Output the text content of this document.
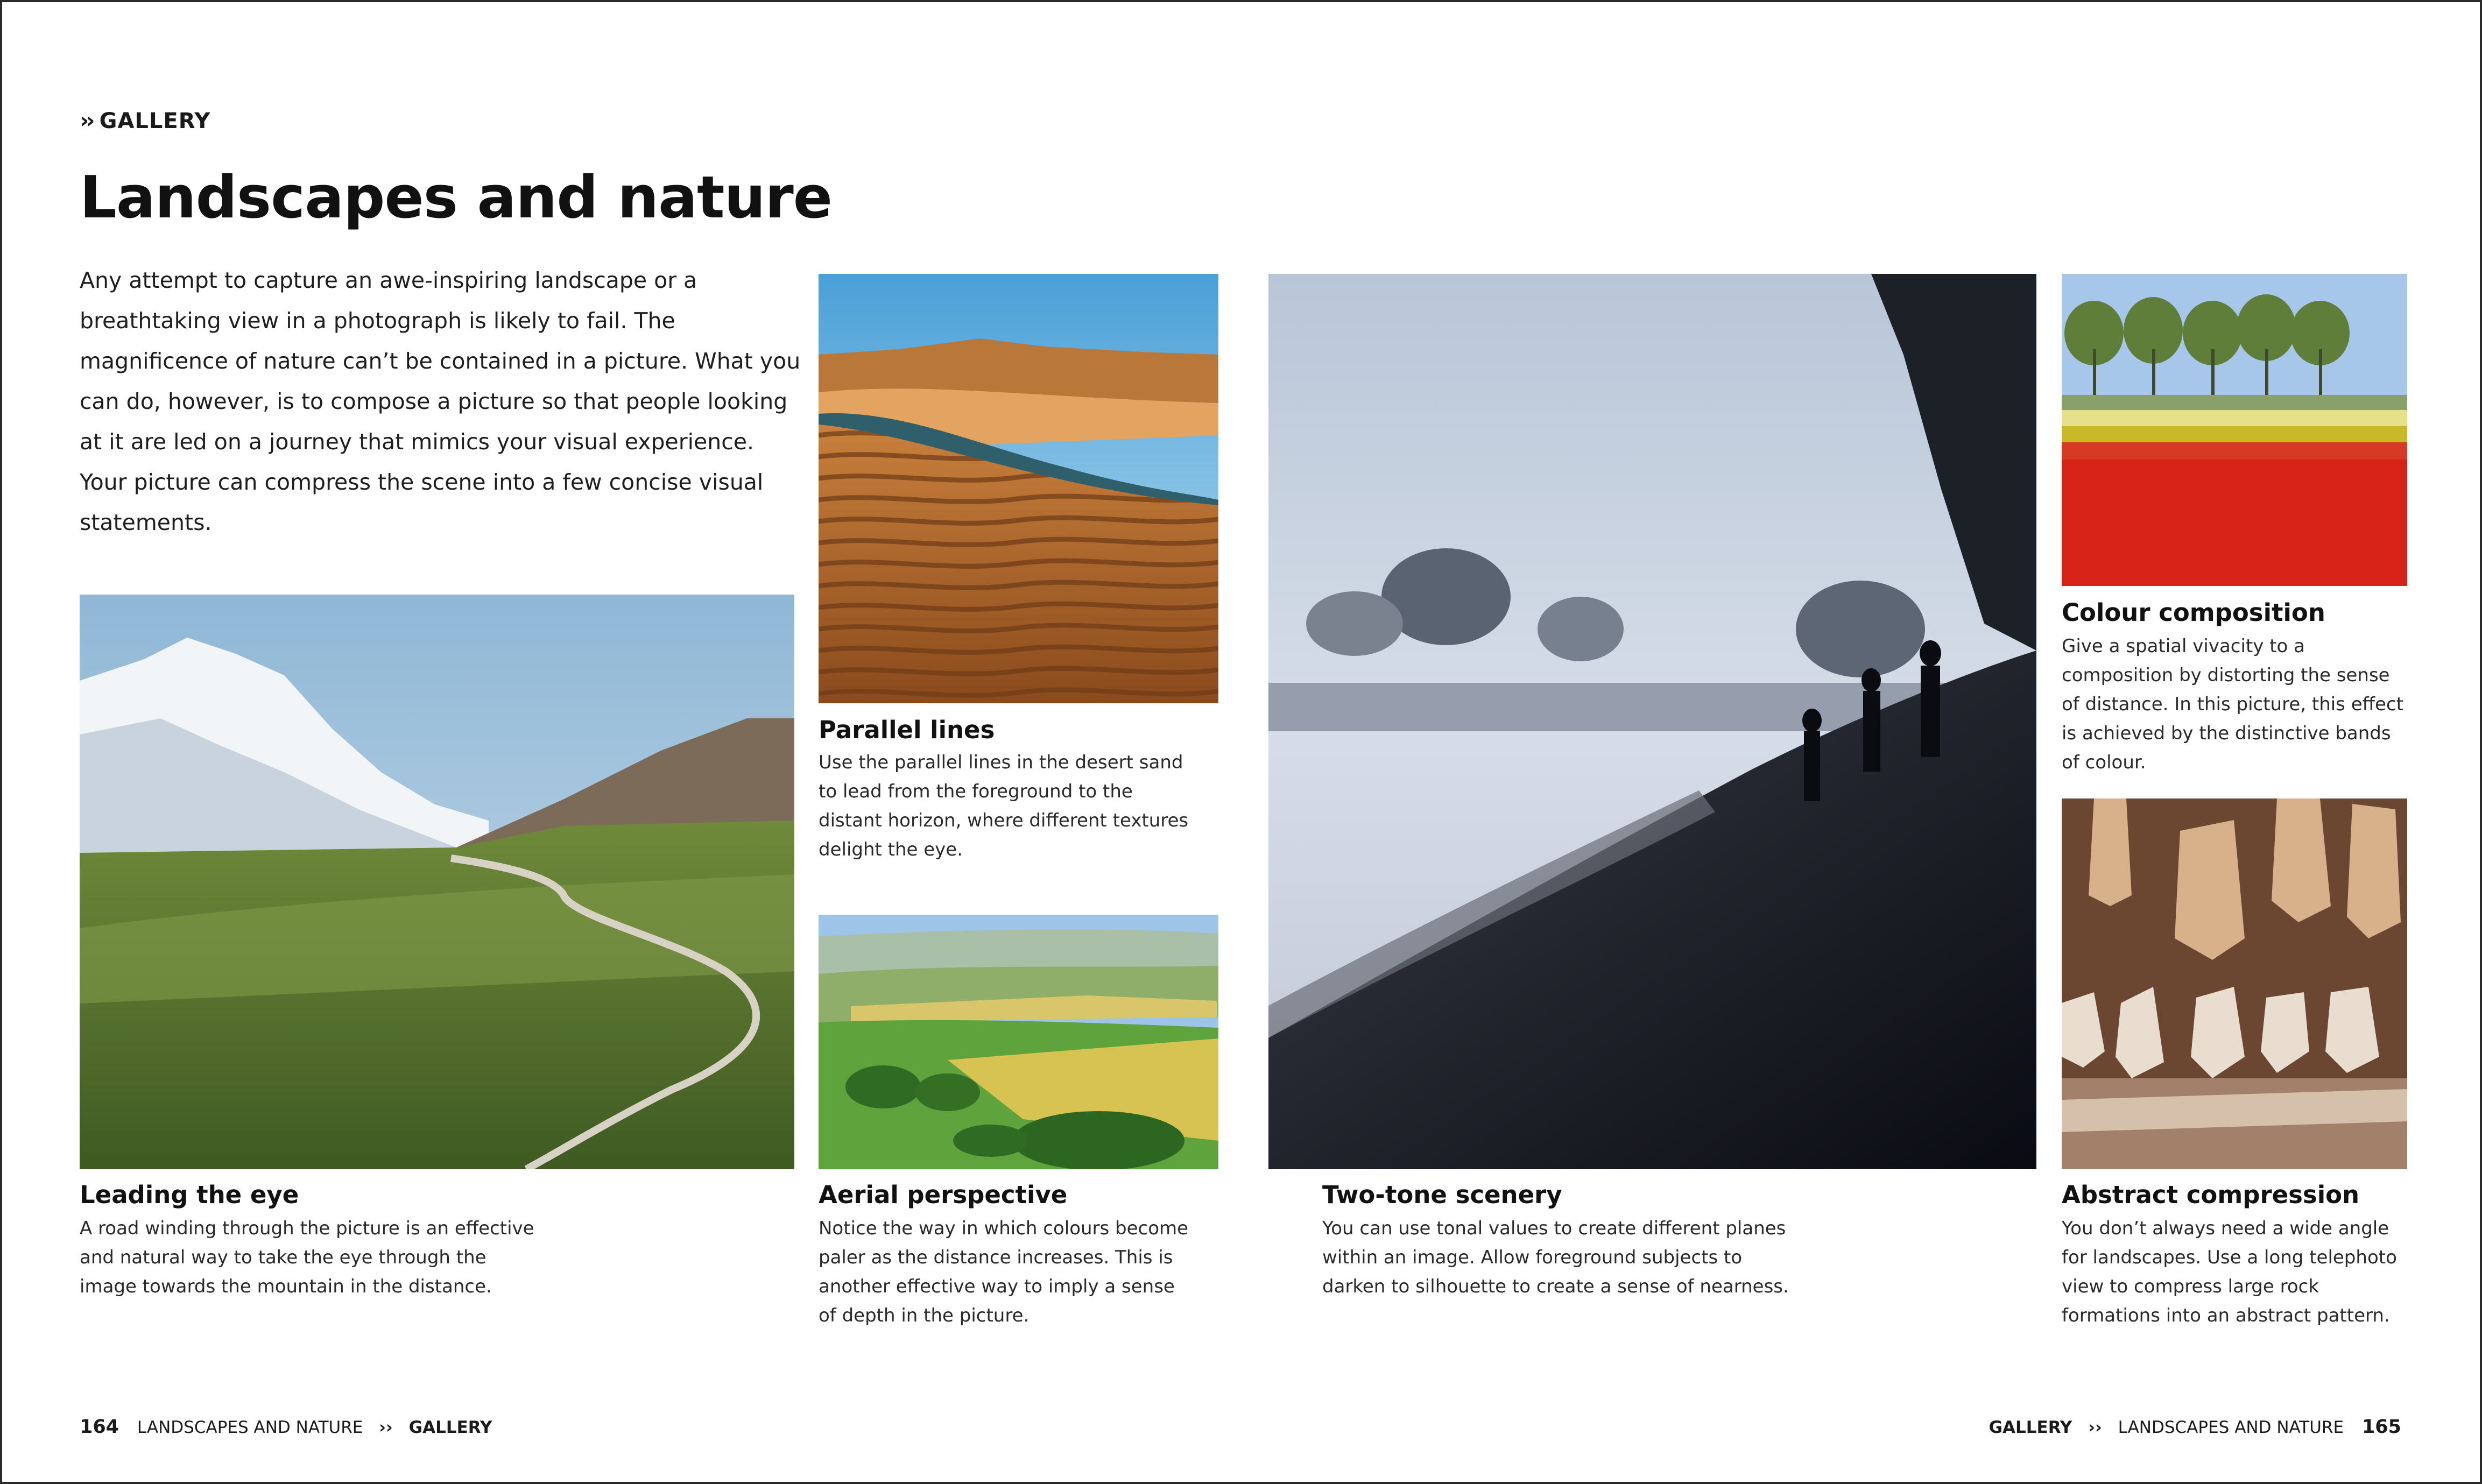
›› GALLERY
Landscapes and nature

Any attempt to capture an awe-inspiring landscape or a breathtaking view in a photograph is likely to fail. The magnificence of nature can’t be contained in a picture. What you can do, however, is to compose a picture so that people looking at it are led on a journey that mimics your visual experience. Your picture can compress the scene into a few concise visual statements.

Leading the eye

A road winding through the picture is an effective and natural way to take the eye through the image towards the mountain in the distance.

Parallel lines

Use the parallel lines in the desert sand to lead from the foreground to the distant horizon, where different textures delight the eye.

Aerial perspective

Notice the way in which colours become paler as the distance increases. This is another effective way to imply a sense of depth in the picture.

Two-tone scenery

You can use tonal values to create different planes within an image. Allow foreground subjects to darken to silhouette to create a sense of nearness.

Colour composition

Give a spatial vivacity to a composition by distorting the sense of distance. In this picture, this effect is achieved by the distinctive bands of colour.

Abstract compression

You don’t always need a wide angle for landscapes. Use a long telephoto view to compress large rock formations into an abstract pattern.

164 LANDSCAPES AND NATURE ›› GALLERY	GALLERY ›› LANDSCAPES AND NATURE 165
